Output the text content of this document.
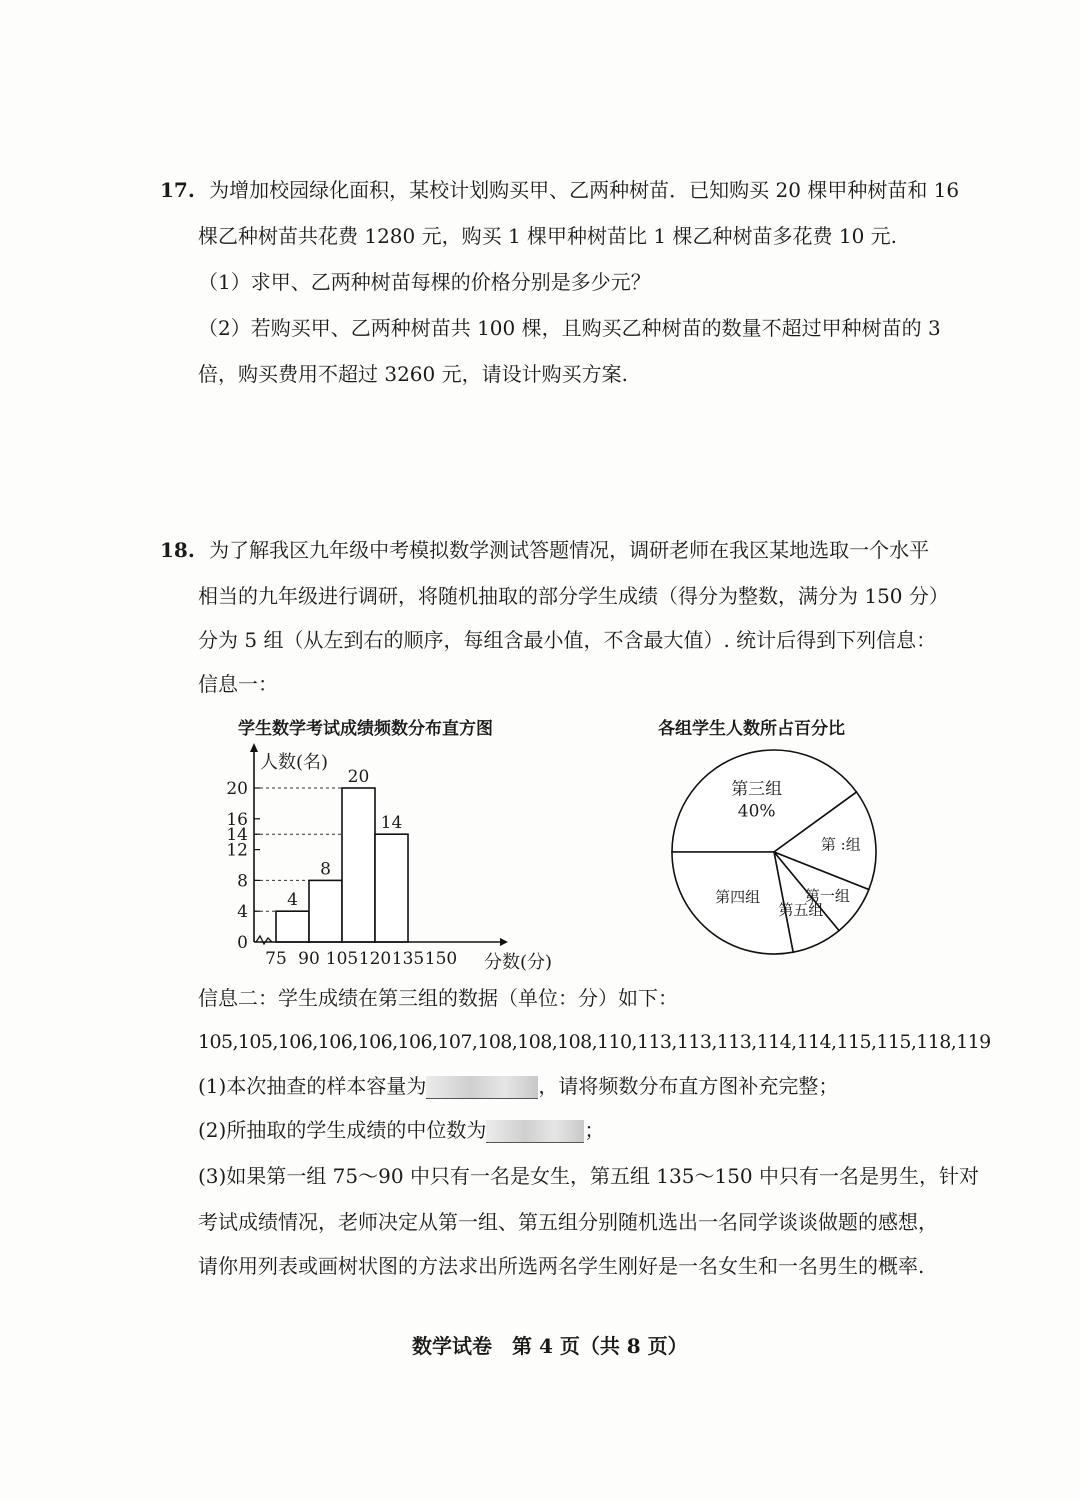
17. 为增加校园绿化面积，某校计划购买甲、乙两种树苗．已知购买 20 棵甲种树苗和 16
棵乙种树苗共花费 1280 元，购买 1 棵甲种树苗比 1 棵乙种树苗多花费 10 元.
（1）求甲、乙两种树苗每棵的价格分别是多少元？
（2）若购买甲、乙两种树苗共 100 棵，且购买乙种树苗的数量不超过甲种树苗的 3
倍，购买费用不超过 3260 元，请设计购买方案.
18. 为了解我区九年级中考模拟数学测试答题情况，调研老师在我区某地选取一个水平
相当的九年级进行调研，将随机抽取的部分学生成绩（得分为整数，满分为 150 分）
分为 5 组（从左到右的顺序，每组含最小值，不含最大值）. 统计后得到下列信息：
信息一：
学生数学考试成绩频数分布直方图
0
4
8
12
14
16
20
4
8
20
14
75 90 105 120 135 150
人数(名)
分数(分)
各组学生人数所占百分比
第三组
40%
第 :组
第一组
第五组
第四组
信息二：学生成绩在第三组的数据（单位：分）如下：
105,105,106,106,106,106,107,108,108,108,110,113,113,113,114,114,115,115,118,119
(1)本次抽查的样本容量为	，请将频数分布直方图补充完整；
(2)所抽取的学生成绩的中位数为	；
(3)如果第一组 75～90 中只有一名是女生，第五组 135～150 中只有一名是男生，针对
考试成绩情况，老师决定从第一组、第五组分别随机选出一名同学谈谈做题的感想，
请你用列表或画树状图的方法求出所选两名学生刚好是一名女生和一名男生的概率.
数学试卷　第 4 页（共 8 页）
